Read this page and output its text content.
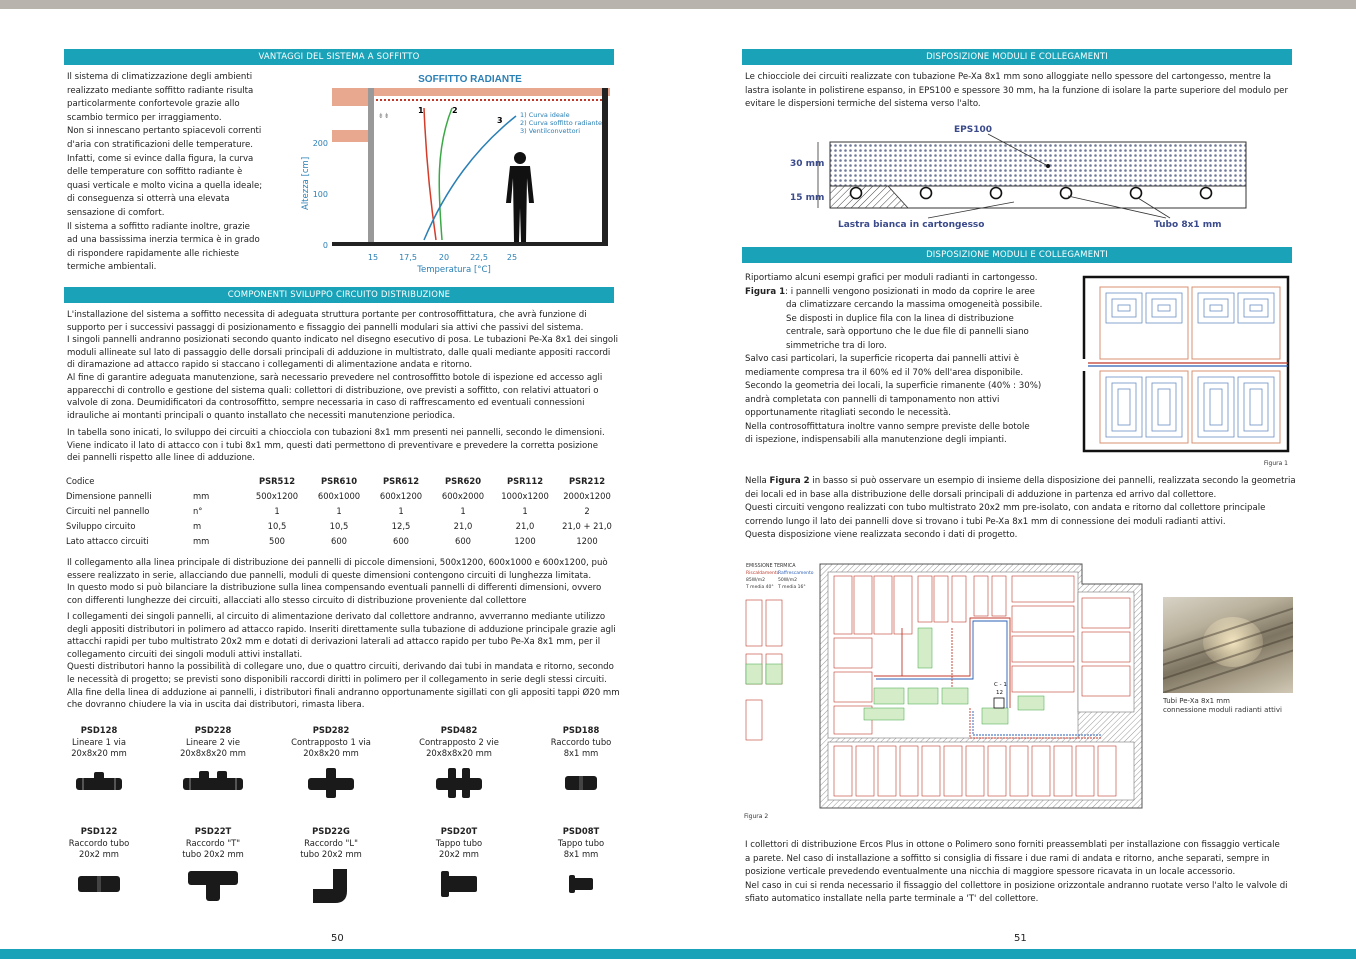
VANTAGGI DEL SISTEMA A SOFFITTO

Il sistema di climatizzazione degli ambienti

realizzato mediante soffitto radiante risulta

particolarmente confortevole grazie allo

scambio termico per irraggiamento.

Non si innescano pertanto spiacevoli correnti

d'aria con stratificazioni delle temperature.

Infatti, come si evince dalla figura, la curva

delle temperature con soffitto radiante è

quasi verticale e molto vicina a quella ideale;

di conseguenza si otterrà una elevata

sensazione di comfort.

Il sistema a soffitto radiante inoltre, grazie

ad una bassissima inerzia termica è in grado

di rispondere rapidamente alle richieste

termiche ambientali.

SOFFITTO RADIANTE
⇟⇟
200
100
0
Altezza [cm]
15	17,5	20	22,5 25
Temperatura [°C]
1	2
3
1) Curva ideale
2) Curva soffitto radiante
3) Ventilconvettori
COMPONENTI SVILUPPO CIRCUITO DISTRIBUZIONE

L'installazione del sistema a soffitto necessita di adeguata struttura portante per controsoffittatura, che avrà funzione di

supporto per i successivi passaggi di posizionamento e fissaggio dei pannelli modulari sia attivi che passivi del sistema.

I singoli pannelli andranno posizionati secondo quanto indicato nel disegno esecutivo di posa. Le tubazioni Pe-Xa 8x1 dei singoli

moduli allineate sul lato di passaggio delle dorsali principali di adduzione in multistrato, dalle quali mediante appositi raccordi

di diramazione ad attacco rapido si staccano i collegamenti di alimentazione andata e ritorno.

Al fine di garantire adeguata manutenzione, sarà necessario prevedere nel controsoffitto botole di ispezione ed accesso agli

apparecchi di controllo e gestione del sistema quali: collettori di distribuzione, ove previsti a soffitto, con relativi attuatori o

valvole di zona. Deumidificatori da controsoffitto, sempre necessaria in caso di raffrescamento ed eventuali connessioni

idrauliche ai montanti principali o quanto installato che necessiti manutenzione periodica.

In tabella sono inicati, lo sviluppo dei circuiti a chiocciola con tubazioni 8x1 mm presenti nei pannelli, secondo le dimensioni.

Viene indicato il lato di attacco con i tubi 8x1 mm, questi dati permettono di preventivare e prevedere la corretta posizione

dei pannelli rispetto alle linee di adduzione.

Codice		PSR512	PSR610	PSR612	PSR620	PSR112	PSR212
Dimensione pannelli	mm	500x1200	600x1000	600x1200	600x2000	1000x1200	2000x1200
Circuiti nel pannello	n°	1	1	1	1	1	2
Sviluppo circuito	m	10,5	10,5	12,5	21,0	21,0	21,0 + 21,0
Lato attacco circuiti	mm	500	600	600	600	1200	1200

Il collegamento alla linea principale di distribuzione dei pannelli di piccole dimensioni, 500x1200, 600x1000 e 600x1200, può

essere realizzato in serie, allacciando due pannelli, moduli di queste dimensioni contengono circuiti di lunghezza limitata.

In questo modo si può bilanciare la distribuzione sulla linea compensando eventuali pannelli di differenti dimensioni, ovvero

con differenti lunghezze dei circuiti, allacciati allo stesso circuito di distribuzione proveniente dal collettore

I collegamenti dei singoli pannelli, al circuito di alimentazione derivato dal collettore andranno, avverranno mediante utilizzo

degli appositi distributori in polimero ad attacco rapido. Inseriti direttamente sulla tubazione di adduzione principale grazie agli

attacchi rapidi per tubo multistrato 20x2 mm e dotati di derivazioni laterali ad attacco rapido per tubo Pe-Xa 8x1 mm, per il

collegamento circuiti dei singoli moduli attivi installati.

Questi distributori hanno la possibilità di collegare uno, due o quattro circuiti, derivando dai tubi in mandata e ritorno, secondo

le necessità di progetto; se previsti sono disponibili raccordi diritti in polimero per il collegamento in serie degli stessi circuiti.

Alla fine della linea di adduzione ai pannelli, i distributori finali andranno opportunamente sigillati con gli appositi tappi Ø20 mm

che dovranno chiudere la via in uscita dai distributori, rimasta libera.

PSD128
Lineare 1 via
20x8x20 mm
PSD228
Lineare 2 vie
20x8x8x20 mm
PSD282
Contrapposto 1 via
20x8x20 mm
PSD482
Contrapposto 2 vie
20x8x8x20 mm
PSD188
Raccordo tubo
8x1 mm
PSD122
Raccordo tubo
20x2 mm
PSD22T
Raccordo "T"
tubo 20x2 mm
PSD22G
Raccordo "L"
tubo 20x2 mm
PSD20T
Tappo tubo
20x2 mm
PSD08T
Tappo tubo
8x1 mm
50
DISPOSIZIONE MODULI E COLLEGAMENTI

Le chiocciole dei circuiti realizzate con tubazione Pe-Xa 8x1 mm sono alloggiate nello spessore del cartongesso, mentre la

lastra isolante in polistirene espanso, in EPS100 e spessore 30 mm, ha la funzione di isolare la parte superiore del modulo per

evitare le dispersioni termiche del sistema verso l'alto.

30 mm
15 mm
EPS100
Lastra bianca in cartongesso	Tubo 8x1 mm
DISPOSIZIONE MODULI E COLLEGAMENTI

Riportiamo alcuni esempi grafici per moduli radianti in cartongesso.

Figura 1: i pannelli vengono posizionati in modo da coprire le aree

da climatizzare cercando la massima omogeneità possibile.

Se disposti in duplice fila con la linea di distribuzione

centrale, sarà opportuno che le due file di pannelli siano

simmetriche tra di loro.

Salvo casi particolari, la superficie ricoperta dai pannelli attivi è

mediamente compresa tra il 60% ed il 70% dell'area disponibile.

Secondo la geometria dei locali, la superficie rimanente (40% : 30%)

andrà completata con pannelli di tamponamento non attivi

opportunamente ritagliati secondo le necessità.

Nella controsoffittatura inoltre vanno sempre previste delle botole

di ispezione, indispensabili alla manutenzione degli impianti.

Figura 1

Nella Figura 2 in basso si può osservare un esempio di insieme della disposizione dei pannelli, realizzata secondo la geometria

dei locali ed in base alla distribuzione delle dorsali principali di adduzione in partenza ed arrivo dal collettore.

Questi circuiti vengono realizzati con tubo multistrato 20x2 mm pre-isolato, con andata e ritorno dal collettore principale

correndo lungo il lato dei pannelli dove si trovano i tubi Pe-Xa 8x1 mm di connessione dei moduli radianti attivi.

Questa disposizione viene realizzata secondo i dati di progetto.

EMISSIONE TERMICA
Riscaldamento
Raffrescamento
85W/m2	50W/m2
T media 40° T media 16°
C - 1
12
Figura 2
Tubi Pe-Xa 8x1 mm
connessione moduli radianti attivi

I collettori di distribuzione Ercos Plus in ottone o Polimero sono forniti preassemblati per installazione con fissaggio verticale

a parete. Nel caso di installazione a soffitto si consiglia di fissare i due rami di andata e ritorno, anche separati, sempre in

posizione verticale prevedendo eventualmente una nicchia di maggiore spessore ricavata in un locale accessorio.

Nel caso in cui si renda necessario il fissaggio del collettore in posizione orizzontale andranno ruotate verso l'alto le valvole di

sfiato automatico installate nella parte terminale a 'T' del collettore.

51
